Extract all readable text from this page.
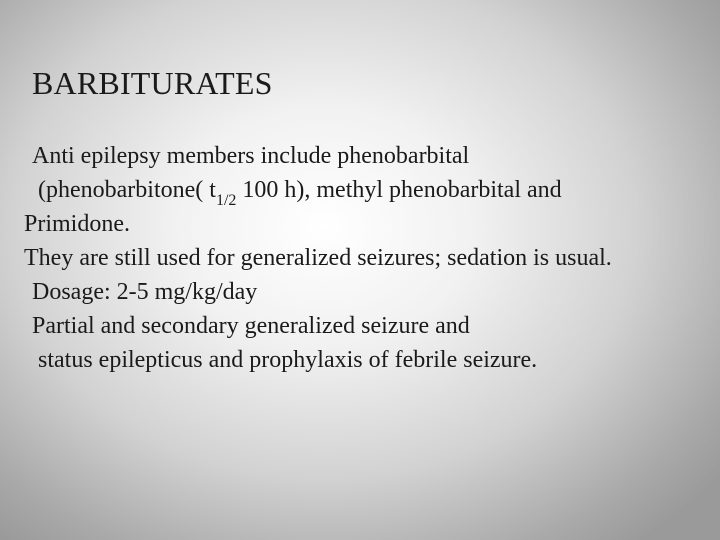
BARBITURATES

Anti epilepsy members include phenobarbital

(phenobarbitone( $t_{1/2}$ 100 h), methyl phenobarbital and

Primidone.

They are still used for generalized seizures; sedation is usual.

Dosage: 2-5 mg/kg/day

Partial and secondary generalized seizure and

status epilepticus and prophylaxis of febrile seizure.
